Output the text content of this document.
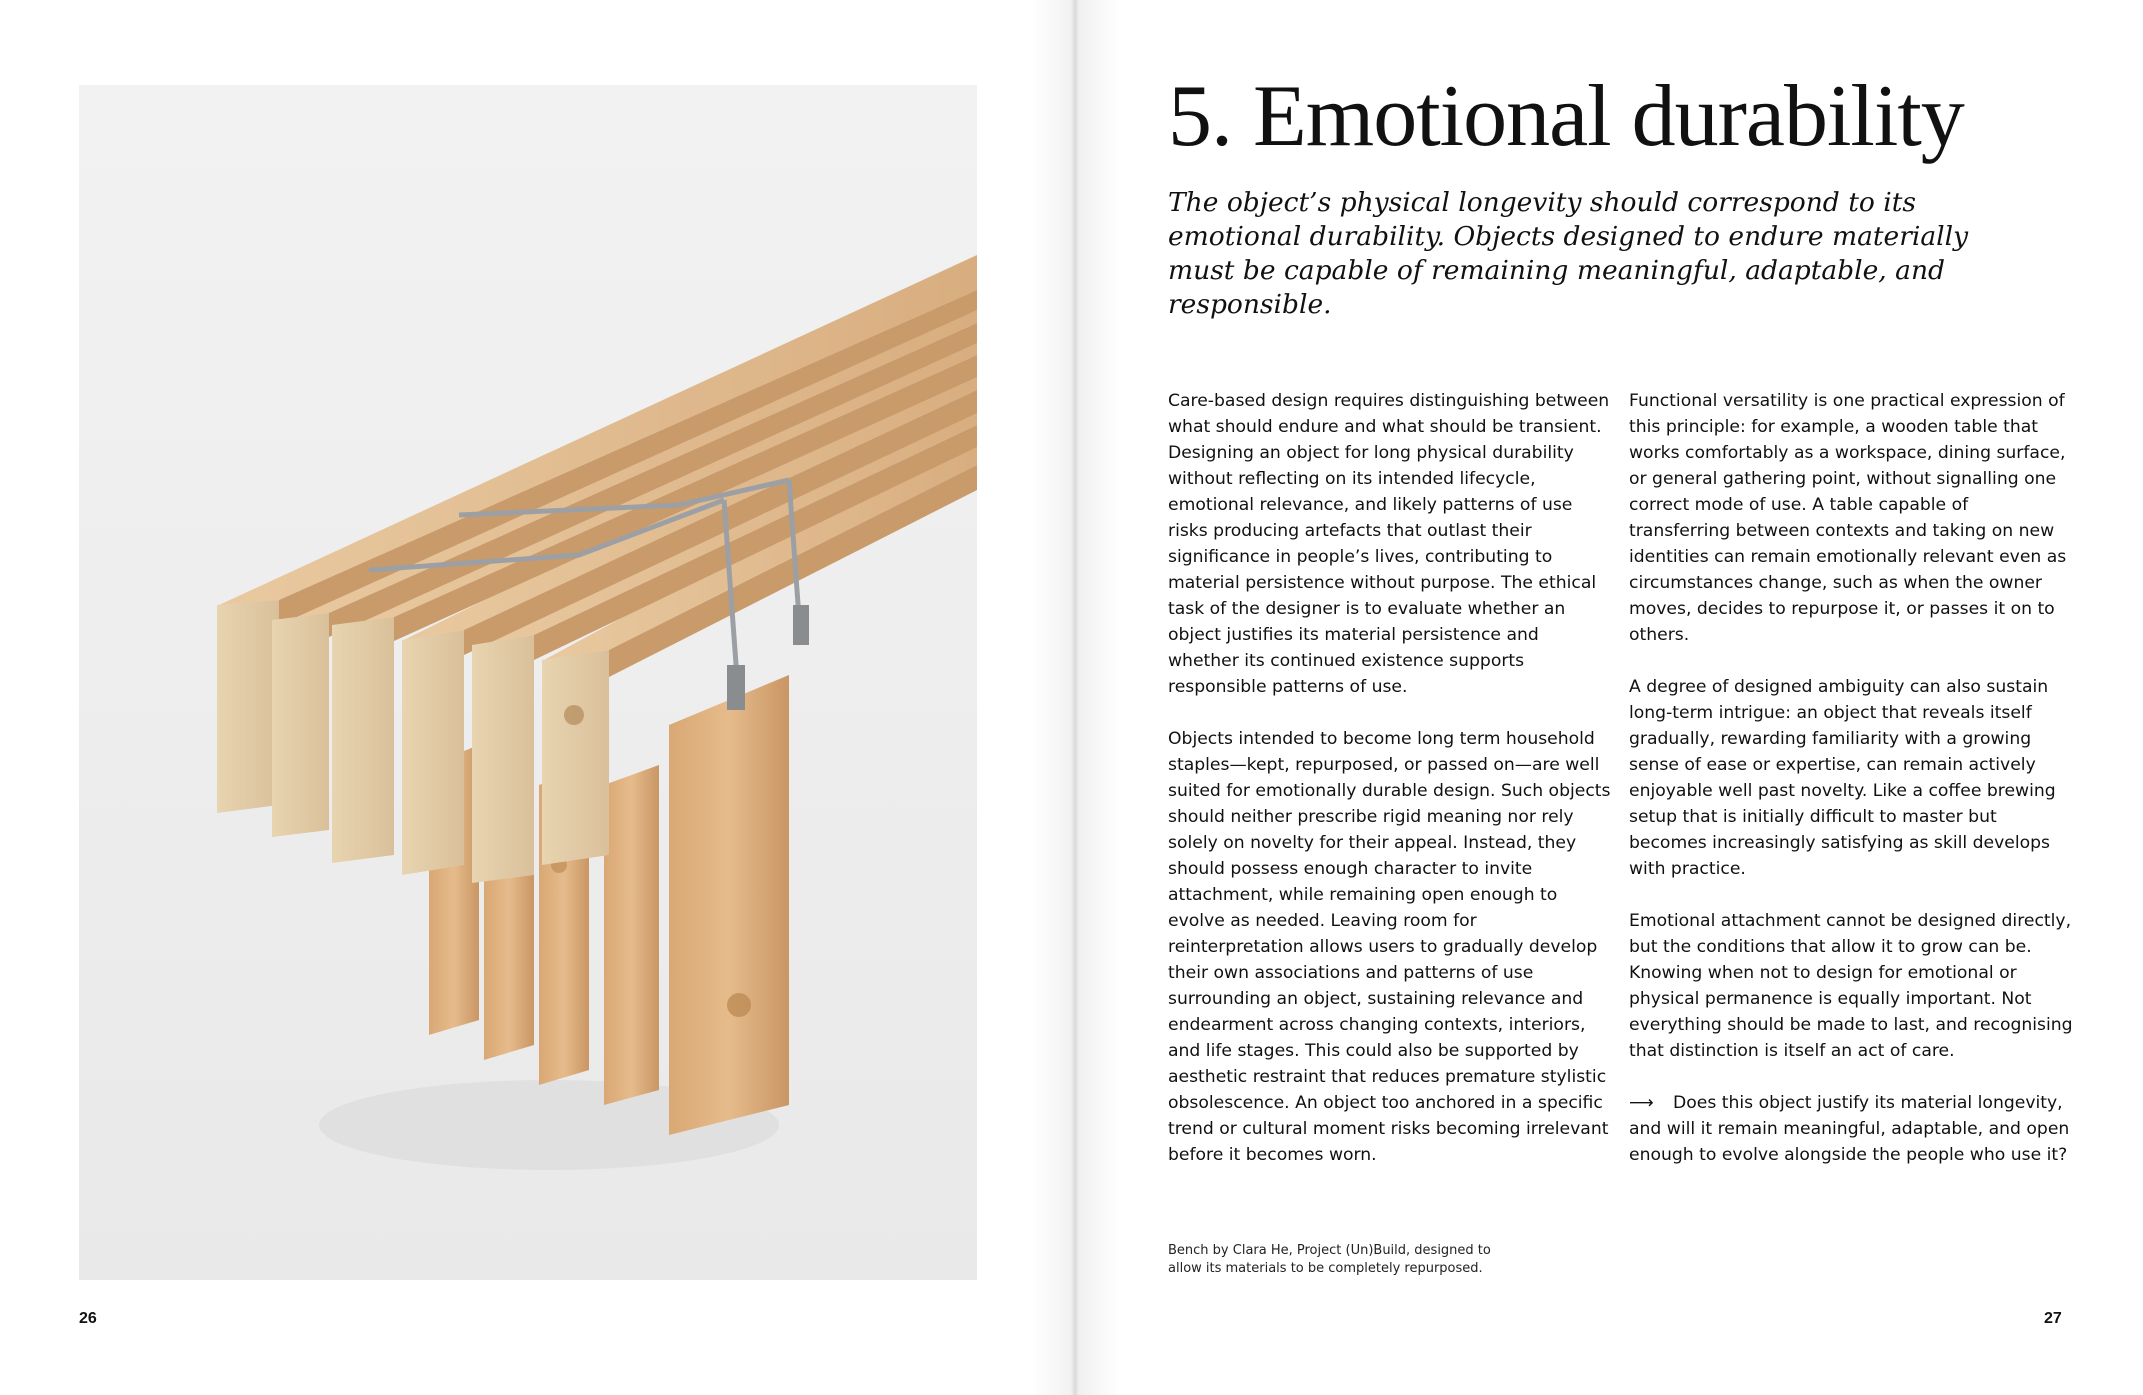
26
5. Emotional durability

The object’s physical longevity should correspond to its emotional durability. Objects designed to endure materially must be capable of remaining meaningful, adaptable, and responsible.

Care-based design requires distinguishing between what should endure and what should be transient. Designing an object for long physical durability without reflecting on its intended lifecycle, emotional relevance, and likely patterns of use risks producing artefacts that outlast their significance in people’s lives, contributing to material persistence without purpose. The ethical task of the designer is to evaluate whether an object justifies its material persistence and whether its continued existence supports responsible patterns of use.

Objects intended to become long term household staples—kept, repurposed, or passed on—are well suited for emotionally durable design. Such objects should neither prescribe rigid meaning nor rely solely on novelty for their appeal. Instead, they should possess enough character to invite attachment, while remaining open enough to evolve as needed. Leaving room for reinterpretation allows users to gradually develop their own associations and patterns of use surrounding an object, sustaining relevance and endearment across changing contexts, interiors, and life stages. This could also be supported by aesthetic restraint that reduces premature stylistic obsolescence. An object too anchored in a specific trend or cultural moment risks becoming irrelevant before it becomes worn.

Functional versatility is one practical expression of this principle: for example, a wooden table that works comfortably as a workspace, dining surface, or general gathering point, without signalling one correct mode of use. A table capable of transferring between contexts and taking on new identities can remain emotionally relevant even as circumstances change, such as when the owner moves, decides to repurpose it, or passes it on to others.

A degree of designed ambiguity can also sustain long-term intrigue: an object that reveals itself gradually, rewarding familiarity with a growing sense of ease or expertise, can remain actively enjoyable well past novelty. Like a coffee brewing setup that is initially difficult to master but becomes increasingly satisfying as skill develops with practice.

Emotional attachment cannot be designed directly, but the conditions that allow it to grow can be. Knowing when not to design for emotional or physical permanence is equally important. Not everything should be made to last, and recognising that distinction is itself an act of care.

⟶	Does this object justify its material longevity, and will it remain meaningful, adaptable, and open enough to evolve alongside the people who use it?

Bench by Clara He, Project (Un)Build, designed to allow its materials to be completely repurposed.

27
